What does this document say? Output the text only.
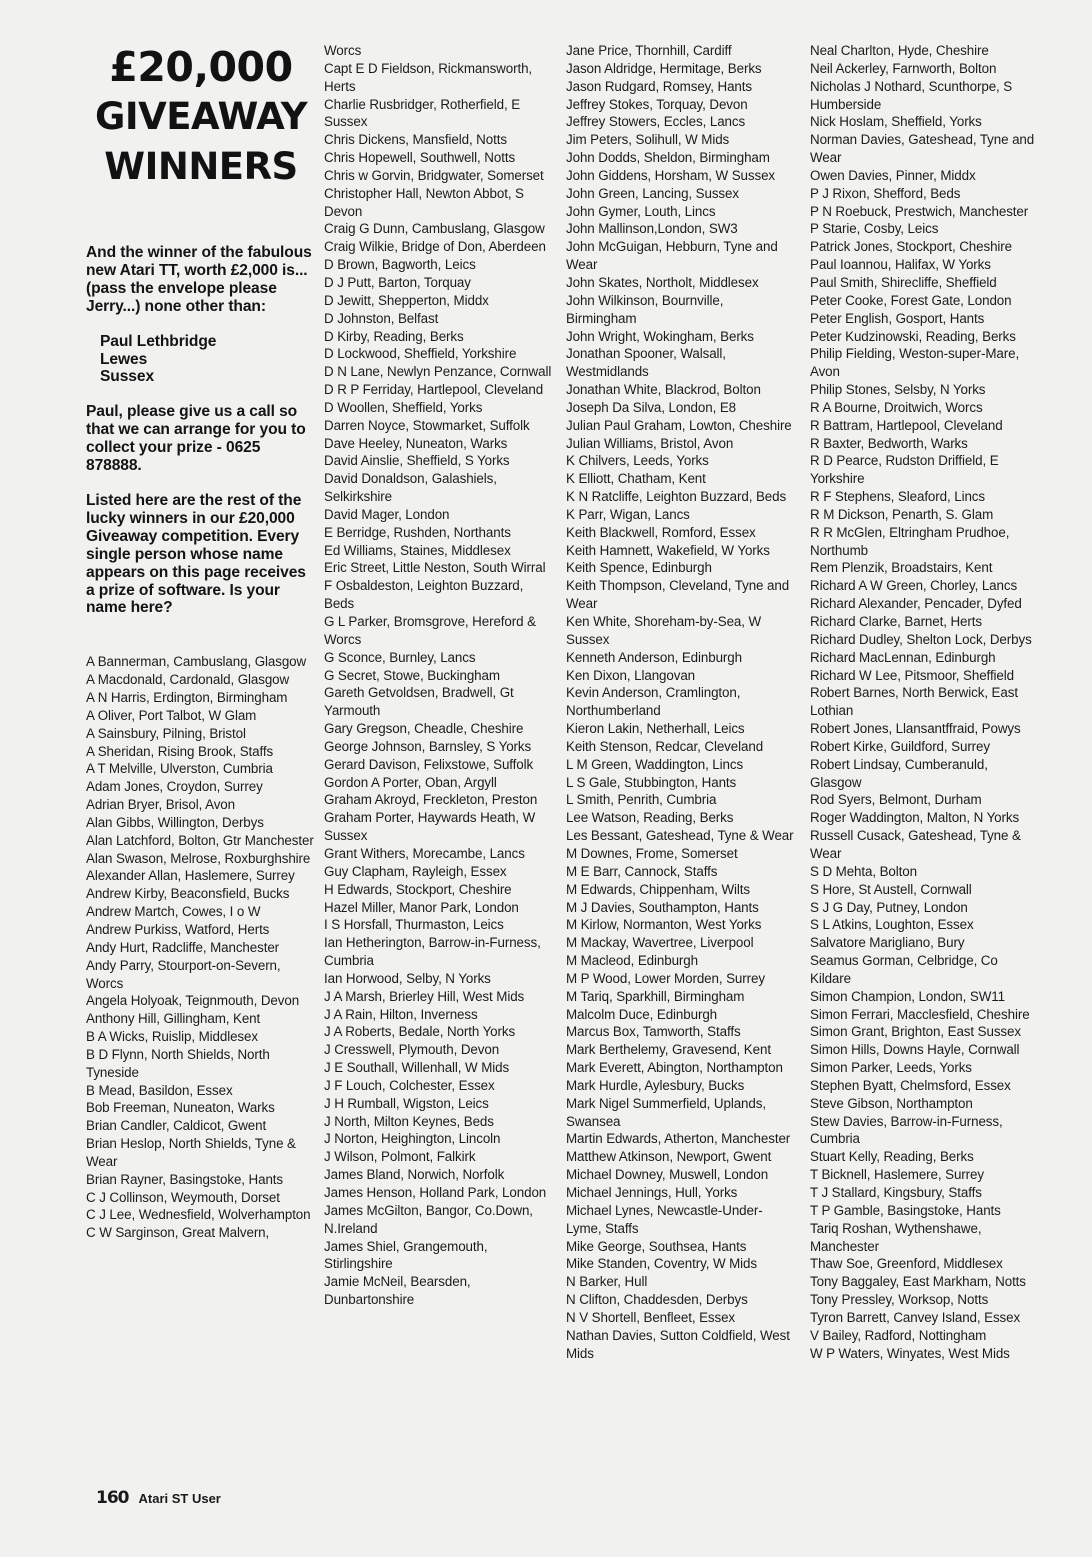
£20,000
GIVEAWAY
WINNERS

And the winner of the fabulous new Atari TT, worth £2,000 is...(pass the envelope please Jerry...) none other than:

Paul Lethbridge
Lewes
Sussex

Paul, please give us a call so that we can arrange for you to collect your prize - 0625 878888.

Listed here are the rest of the lucky winners in our £20,000 Giveaway competition. Every single person whose name appears on this page receives a prize of software. Is your name here?

A Bannerman, Cambuslang, Glasgow
A Macdonald, Cardonald, Glasgow
A N Harris, Erdington, Birmingham
A Oliver, Port Talbot, W Glam
A Sainsbury, Pilning, Bristol
A Sheridan, Rising Brook, Staffs
A T Melville, Ulverston, Cumbria
Adam Jones, Croydon, Surrey
Adrian Bryer, Brisol, Avon
Alan Gibbs, Willington, Derbys
Alan Latchford, Bolton, Gtr Manchester
Alan Swason, Melrose, Roxburghshire
Alexander Allan, Haslemere, Surrey
Andrew Kirby, Beaconsfield, Bucks
Andrew Martch, Cowes, I o W
Andrew Purkiss, Watford, Herts
Andy Hurt, Radcliffe, Manchester
Andy Parry, Stourport-on-Severn, Worcs
Angela Holyoak, Teignmouth, Devon
Anthony Hill, Gillingham, Kent
B A Wicks, Ruislip, Middlesex
B D Flynn, North Shields, North Tyneside
B Mead, Basildon, Essex
Bob Freeman, Nuneaton, Warks
Brian Candler, Caldicot, Gwent
Brian Heslop, North Shields, Tyne & Wear
Brian Rayner, Basingstoke, Hants
C J Collinson, Weymouth, Dorset
C J Lee, Wednesfield, Wolverhampton
C W Sarginson, Great Malvern,
Worcs
Capt E D Fieldson, Rickmansworth, Herts
Charlie Rusbridger, Rotherfield, E Sussex
Chris Dickens, Mansfield, Notts
Chris Hopewell, Southwell, Notts
Chris w Gorvin, Bridgwater, Somerset
Christopher Hall, Newton Abbot, S Devon
Craig G Dunn, Cambuslang, Glasgow
Craig Wilkie, Bridge of Don, Aberdeen
D Brown, Bagworth, Leics
D J Putt, Barton, Torquay
D Jewitt, Shepperton, Middx
D Johnston, Belfast
D Kirby, Reading, Berks
D Lockwood, Sheffield, Yorkshire
D N Lane, Newlyn Penzance, Cornwall
D R P Ferriday, Hartlepool, Cleveland
D Woollen, Sheffield, Yorks
Darren Noyce, Stowmarket, Suffolk
Dave Heeley, Nuneaton, Warks
David Ainslie, Sheffield, S Yorks
David Donaldson, Galashiels, Selkirkshire
David Mager, London
E Berridge, Rushden, Northants
Ed Williams, Staines, Middlesex
Eric Street, Little Neston, South Wirral
F Osbaldeston, Leighton Buzzard, Beds
G L Parker, Bromsgrove, Hereford & Worcs
G Sconce, Burnley, Lancs
G Secret, Stowe, Buckingham
Gareth Getvoldsen, Bradwell, Gt Yarmouth
Gary Gregson, Cheadle, Cheshire
George Johnson, Barnsley, S Yorks
Gerard Davison, Felixstowe, Suffolk
Gordon A Porter, Oban, Argyll
Graham Akroyd, Freckleton, Preston
Graham Porter, Haywards Heath, W Sussex
Grant Withers, Morecambe, Lancs
Guy Clapham, Rayleigh, Essex
H Edwards, Stockport, Cheshire
Hazel Miller, Manor Park, London
I S Horsfall, Thurmaston, Leics
Ian Hetherington, Barrow-in-Furness, Cumbria
Ian Horwood, Selby, N Yorks
J A Marsh, Brierley Hill, West Mids
J A Rain, Hilton, Inverness
J A Roberts, Bedale, North Yorks
J Cresswell, Plymouth, Devon
J E Southall, Willenhall, W Mids
J F Louch, Colchester, Essex
J H Rumball, Wigston, Leics
J North, Milton Keynes, Beds
J Norton, Heighington, Lincoln
J Wilson, Polmont, Falkirk
James Bland, Norwich, Norfolk
James Henson, Holland Park, London
James McGilton, Bangor, Co.Down, N.Ireland
James Shiel, Grangemouth, Stirlingshire
Jamie McNeil, Bearsden, Dunbartonshire
Jane Price, Thornhill, Cardiff
Jason Aldridge, Hermitage, Berks
Jason Rudgard, Romsey, Hants
Jeffrey Stokes, Torquay, Devon
Jeffrey Stowers, Eccles, Lancs
Jim Peters, Solihull, W Mids
John Dodds, Sheldon, Birmingham
John Giddens, Horsham, W Sussex
John Green, Lancing, Sussex
John Gymer, Louth, Lincs
John Mallinson,London, SW3
John McGuigan, Hebburn, Tyne and Wear
John Skates, Northolt, Middlesex
John Wilkinson, Bournville, Birmingham
John Wright, Wokingham, Berks
Jonathan Spooner, Walsall, Westmidlands
Jonathan White, Blackrod, Bolton
Joseph Da Silva, London, E8
Julian Paul Graham, Lowton, Cheshire
Julian Williams, Bristol, Avon
K Chilvers, Leeds, Yorks
K Elliott, Chatham, Kent
K N Ratcliffe, Leighton Buzzard, Beds
K Parr, Wigan, Lancs
Keith Blackwell, Romford, Essex
Keith Hamnett, Wakefield, W Yorks
Keith Spence, Edinburgh
Keith Thompson, Cleveland, Tyne and Wear
Ken White, Shoreham-by-Sea, W Sussex
Kenneth Anderson, Edinburgh
Ken Dixon, Llangovan
Kevin Anderson, Cramlington, Northumberland
Kieron Lakin, Netherhall, Leics
Keith Stenson, Redcar, Cleveland
L M Green, Waddington, Lincs
L S Gale, Stubbington, Hants
L Smith, Penrith, Cumbria
Lee Watson, Reading, Berks
Les Bessant, Gateshead, Tyne & Wear
M Downes, Frome, Somerset
M E Barr, Cannock, Staffs
M Edwards, Chippenham, Wilts
M J Davies, Southampton, Hants
M Kirlow, Normanton, West Yorks
M Mackay, Wavertree, Liverpool
M Macleod, Edinburgh
M P Wood, Lower Morden, Surrey
M Tariq, Sparkhill, Birmingham
Malcolm Duce, Edinburgh
Marcus Box, Tamworth, Staffs
Mark Berthelemy, Gravesend, Kent
Mark Everett, Abington, Northampton
Mark Hurdle, Aylesbury, Bucks
Mark Nigel Summerfield, Uplands, Swansea
Martin Edwards, Atherton, Manchester
Matthew Atkinson, Newport, Gwent
Michael Downey, Muswell, London
Michael Jennings, Hull, Yorks
Michael Lynes, Newcastle-Under-Lyme, Staffs
Mike George, Southsea, Hants
Mike Standen, Coventry, W Mids
N Barker, Hull
N Clifton, Chaddesden, Derbys
N V Shortell, Benfleet, Essex
Nathan Davies, Sutton Coldfield, West Mids
Neal Charlton, Hyde, Cheshire
Neil Ackerley, Farnworth, Bolton
Nicholas J Nothard, Scunthorpe, S Humberside
Nick Hoslam, Sheffield, Yorks
Norman Davies, Gateshead, Tyne and Wear
Owen Davies, Pinner, Middx
P J Rixon, Shefford, Beds
P N Roebuck, Prestwich, Manchester
P Starie, Cosby, Leics
Patrick Jones, Stockport, Cheshire
Paul Ioannou, Halifax, W Yorks
Paul Smith, Shirecliffe, Sheffield
Peter Cooke, Forest Gate, London
Peter English, Gosport, Hants
Peter Kudzinowski, Reading, Berks
Philip Fielding, Weston-super-Mare, Avon
Philip Stones, Selsby, N Yorks
R A Bourne, Droitwich, Worcs
R Battram, Hartlepool, Cleveland
R Baxter, Bedworth, Warks
R D Pearce, Rudston Driffield, E Yorkshire
R F Stephens, Sleaford, Lincs
R M Dickson, Penarth, S. Glam
R R McGlen, Eltringham Prudhoe, Northumb
Rem Plenzik, Broadstairs, Kent
Richard A W Green, Chorley, Lancs
Richard Alexander, Pencader, Dyfed
Richard Clarke, Barnet, Herts
Richard Dudley, Shelton Lock, Derbys
Richard MacLennan, Edinburgh
Richard W Lee, Pitsmoor, Sheffield
Robert Barnes, North Berwick, East Lothian
Robert Jones, Llansantffraid, Powys
Robert Kirke, Guildford, Surrey
Robert Lindsay, Cumberanuld, Glasgow
Rod Syers, Belmont, Durham
Roger Waddington, Malton, N Yorks
Russell Cusack, Gateshead, Tyne & Wear
S D Mehta, Bolton
S Hore, St Austell, Cornwall
S J G Day, Putney, London
S L Atkins, Loughton, Essex
Salvatore Marigliano, Bury
Seamus Gorman, Celbridge, Co Kildare
Simon Champion, London, SW11
Simon Ferrari, Macclesfield, Cheshire
Simon Grant, Brighton, East Sussex
Simon Hills, Downs Hayle, Cornwall
Simon Parker, Leeds, Yorks
Stephen Byatt, Chelmsford, Essex
Steve Gibson, Northampton
Stew Davies, Barrow-in-Furness, Cumbria
Stuart Kelly, Reading, Berks
T Bicknell, Haslemere, Surrey
T J Stallard, Kingsbury, Staffs
T P Gamble, Basingstoke, Hants
Tariq Roshan, Wythenshawe, Manchester
Thaw Soe, Greenford, Middlesex
Tony Baggaley, East Markham, Notts
Tony Pressley, Worksop, Notts
Tyron Barrett, Canvey Island, Essex
V Bailey, Radford, Nottingham
W P Waters, Winyates, West Mids
160 Atari ST User
